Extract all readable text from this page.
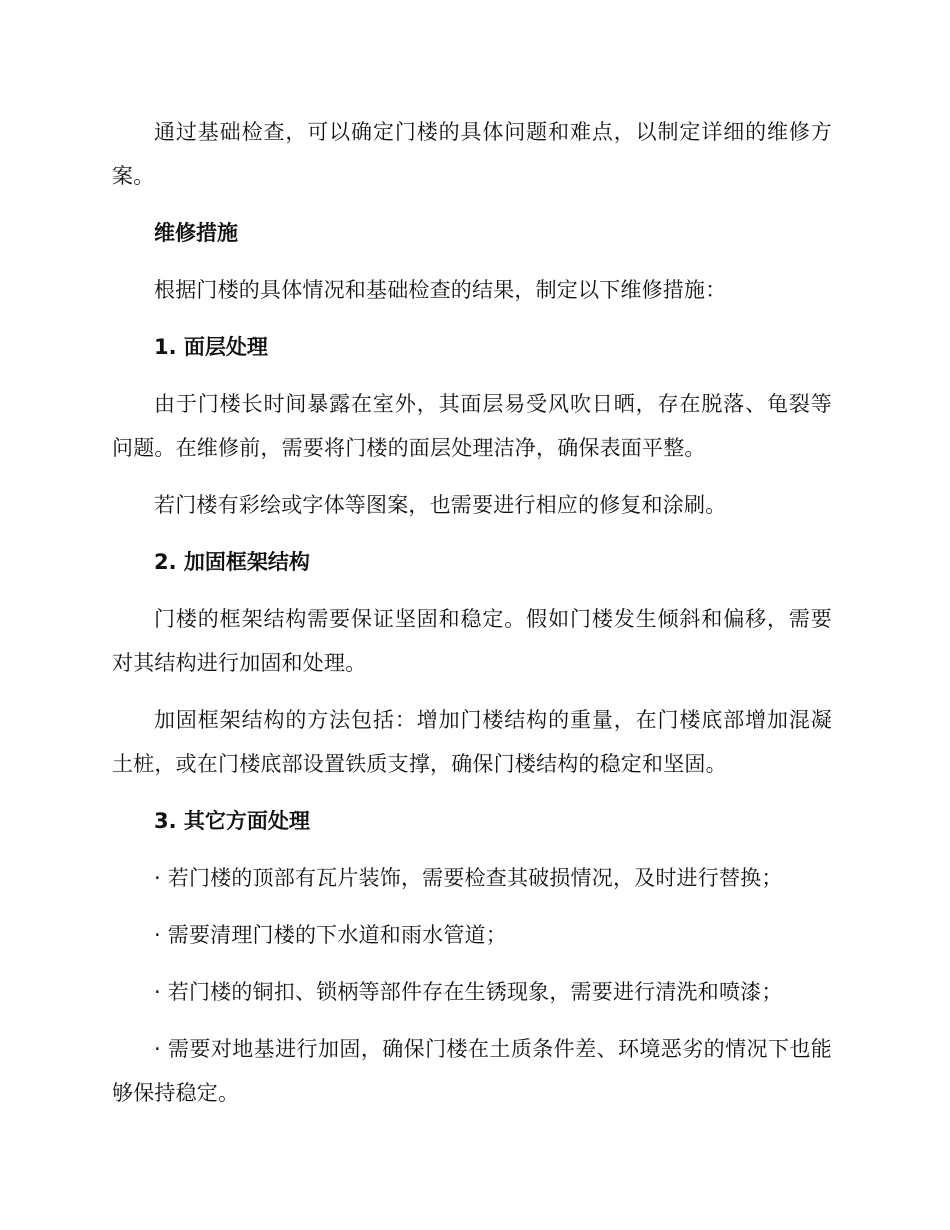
通过基础检查，可以确定门楼的具体问题和难点，以制定详细的维修方案。

维修措施

根据门楼的具体情况和基础检查的结果，制定以下维修措施：

1. 面层处理

由于门楼长时间暴露在室外，其面层易受风吹日晒，存在脱落、龟裂等问题。在维修前，需要将门楼的面层处理洁净，确保表面平整。

若门楼有彩绘或字体等图案，也需要进行相应的修复和涂刷。

2. 加固框架结构

门楼的框架结构需要保证坚固和稳定。假如门楼发生倾斜和偏移，需要对其结构进行加固和处理。

加固框架结构的方法包括：增加门楼结构的重量，在门楼底部增加混凝土桩，或在门楼底部设置铁质支撑，确保门楼结构的稳定和坚固。

3. 其它方面处理

· 若门楼的顶部有瓦片装饰，需要检查其破损情况，及时进行替换；

· 需要清理门楼的下水道和雨水管道；

· 若门楼的铜扣、锁柄等部件存在生锈现象，需要进行清洗和喷漆；

· 需要对地基进行加固，确保门楼在土质条件差、环境恶劣的情况下也能够保持稳定。
